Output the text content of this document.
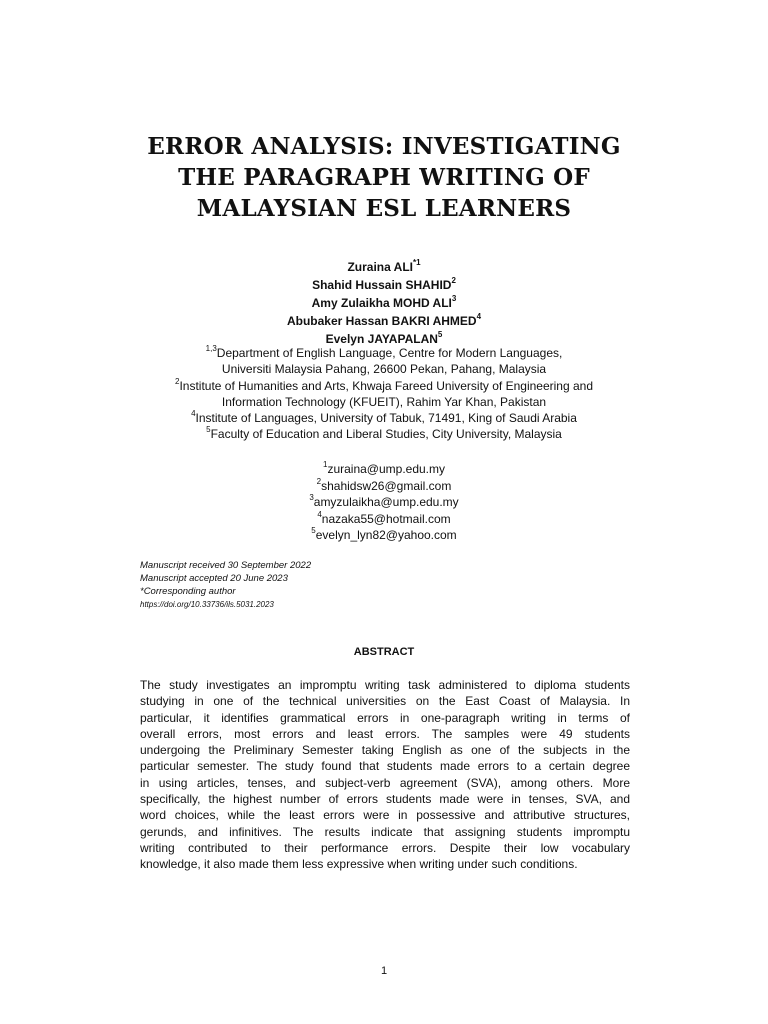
ERROR ANALYSIS: INVESTIGATING
THE PARAGRAPH WRITING OF
MALAYSIAN ESL LEARNERS
Zuraina ALI$^{*1}$
Shahid Hussain SHAHID$^2$
Amy Zulaikha MOHD ALI$^3$
Abubaker Hassan BAKRI AHMED$^4$
Evelyn JAYAPALAN$^5$
$^{1,3}$Department of English Language, Centre for Modern Languages,
Universiti Malaysia Pahang, 26600 Pekan, Pahang, Malaysia
$^2$Institute of Humanities and Arts, Khwaja Fareed University of Engineering and
Information Technology (KFUEIT), Rahim Yar Khan, Pakistan
$^4$Institute of Languages, University of Tabuk, 71491, King of Saudi Arabia
$^5$Faculty of Education and Liberal Studies, City University, Malaysia
$^1$zuraina@ump.edu.my
$^2$shahidsw26@gmail.com
$^3$amyzulaikha@ump.edu.my
$^4$nazaka55@hotmail.com
$^5$evelyn_lyn82@yahoo.com
Manuscript received 30 September 2022
Manuscript accepted 20 June 2023
*Corresponding author
https://doi.org/10.33736/ils.5031.2023
ABSTRACT
The study investigates an impromptu writing task administered to diploma students
studying in one of the technical universities on the East Coast of Malaysia. In
particular, it identifies grammatical errors in one-paragraph writing in terms of
overall errors, most errors and least errors. The samples were 49 students
undergoing the Preliminary Semester taking English as one of the subjects in the
particular semester. The study found that students made errors to a certain degree
in using articles, tenses, and subject-verb agreement (SVA), among others. More
specifically, the highest number of errors students made were in tenses, SVA, and
word choices, while the least errors were in possessive and attributive structures,
gerunds, and infinitives. The results indicate that assigning students impromptu
writing contributed to their performance errors. Despite their low vocabulary
knowledge, it also made them less expressive when writing under such conditions.
1
